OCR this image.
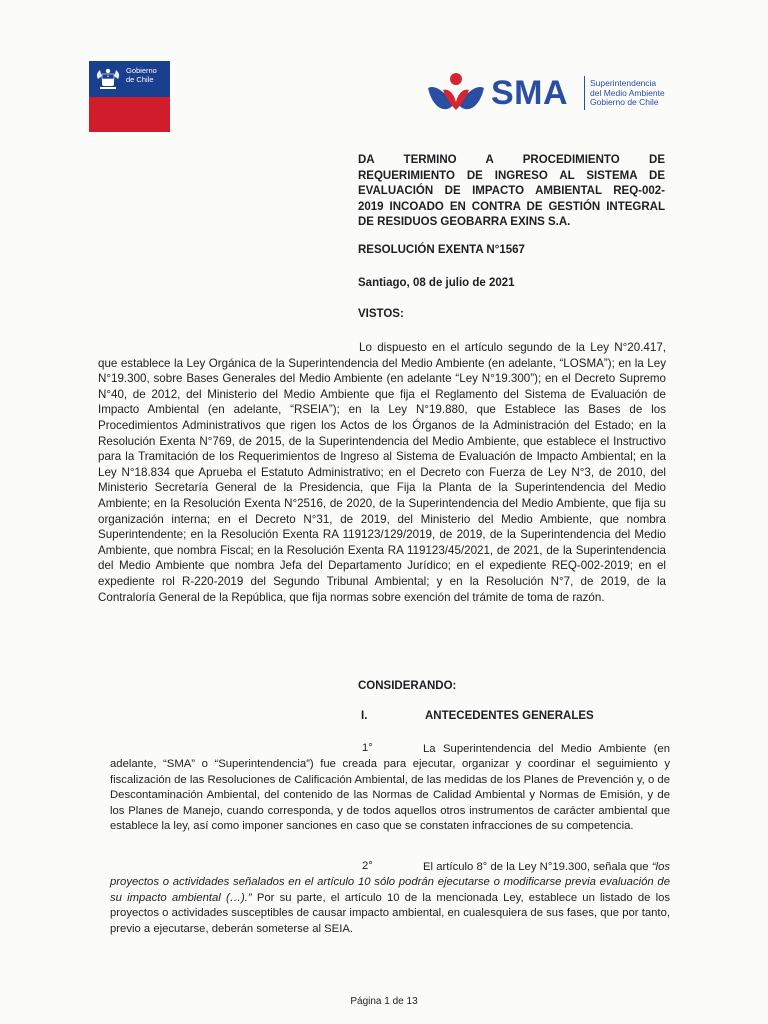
Gobierno
de Chile	SMA	Superintendencia
del Medio Ambiente
Gobierno de Chile
DA TERMINO A PROCEDIMIENTO DE
REQUERIMIENTO DE INGRESO AL SISTEMA DE
EVALUACIÓN DE IMPACTO AMBIENTAL REQ-002-
2019 INCOADO EN CONTRA DE GESTIÓN INTEGRAL
DE RESIDUOS GEOBARRA EXINS S.A.
RESOLUCIÓN EXENTA N°1567
Santiago, 08 de julio de 2021
VISTOS:
Lo dispuesto en el artículo segundo de la Ley N°20.417, que establece la Ley Orgánica de la Superintendencia del Medio Ambiente (en adelante, “LOSMA”); en la Ley N°19.300, sobre Bases Generales del Medio Ambiente (en adelante “Ley N°19.300”); en el Decreto Supremo N°40, de 2012, del Ministerio del Medio Ambiente que fija el Reglamento del Sistema de Evaluación de Impacto Ambiental (en adelante, “RSEIA”); en la Ley N°19.880, que Establece las Bases de los Procedimientos Administrativos que rigen los Actos de los Órganos de la Administración del Estado; en la Resolución Exenta N°769, de 2015, de la Superintendencia del Medio Ambiente, que establece el Instructivo para la Tramitación de los Requerimientos de Ingreso al Sistema de Evaluación de Impacto Ambiental; en la Ley N°18.834 que Aprueba el Estatuto Administrativo; en el Decreto con Fuerza de Ley N°3, de 2010, del Ministerio Secretaría General de la Presidencia, que Fija la Planta de la Superintendencia del Medio Ambiente; en la Resolución Exenta N°2516, de 2020, de la Superintendencia del Medio Ambiente, que fija su organización interna; en el Decreto N°31, de 2019, del Ministerio del Medio Ambiente, que nombra Superintendente; en la Resolución Exenta RA 119123/129/2019, de 2019, de la Superintendencia del Medio Ambiente, que nombra Fiscal; en la Resolución Exenta RA 119123/45/2021, de 2021, de la Superintendencia del Medio Ambiente que nombra Jefa del Departamento Jurídico; en el expediente REQ-002-2019; en el expediente rol R-220-2019 del Segundo Tribunal Ambiental; y en la Resolución N°7, de 2019, de la Contraloría General de la República, que fija normas sobre exención del trámite de toma de razón.
CONSIDERANDO:
I.	ANTECEDENTES GENERALES
1°	La Superintendencia del Medio Ambiente (en adelante, “SMA” o “Superintendencia”) fue creada para ejecutar, organizar y coordinar el seguimiento y fiscalización de las Resoluciones de Calificación Ambiental, de las medidas de los Planes de Prevención y, o de Descontaminación Ambiental, del contenido de las Normas de Calidad Ambiental y Normas de Emisión, y de los Planes de Manejo, cuando corresponda, y de todos aquellos otros instrumentos de carácter ambiental que establece la ley, así como imponer sanciones en caso que se constaten infracciones de su competencia.
2°	El artículo 8° de la Ley N°19.300, señala que “los proyectos o actividades señalados en el artículo 10 sólo podrán ejecutarse o modificarse previa evaluación de su impacto ambiental (…).” Por su parte, el artículo 10 de la mencionada Ley, establece un listado de los proyectos o actividades susceptibles de causar impacto ambiental, en cualesquiera de sus fases, que por tanto, previo a ejecutarse, deberán someterse al SEIA.
Página 1 de 13
